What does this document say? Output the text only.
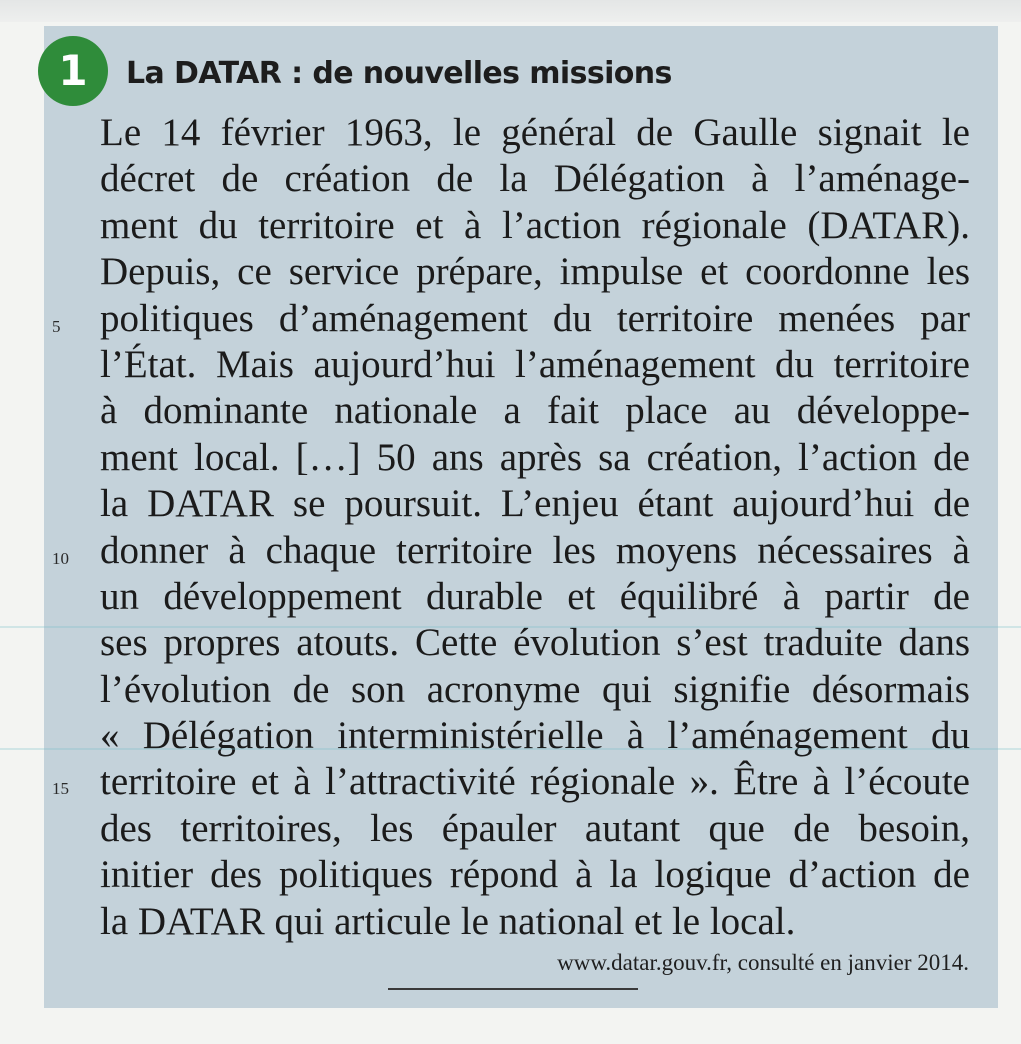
1	La DATAR : de nouvelles missions
Le 14 février 1963, le général de Gaulle signait le
décret de création de la Délégation à l’aménage-
ment du territoire et à l’action régionale (DATAR).
Depuis, ce service prépare, impulse et coordonne les
politiques d’aménagement du territoire menées par
l’État. Mais aujourd’hui l’aménagement du territoire
à dominante nationale a fait place au développe-
ment local. […] 50 ans après sa création, l’action de
la DATAR se poursuit. L’enjeu étant aujourd’hui de
donner à chaque territoire les moyens nécessaires à
un développement durable et équilibré à partir de
ses propres atouts. Cette évolution s’est traduite dans
l’évolution de son acronyme qui signifie désormais
« Délégation interministérielle à l’aménagement du
territoire et à l’attractivité régionale ». Être à l’écoute
des territoires, les épauler autant que de besoin,
initier des politiques répond à la logique d’action de
la DATAR qui articule le national et le local.
5
10
15
www.datar.gouv.fr, consulté en janvier 2014.
